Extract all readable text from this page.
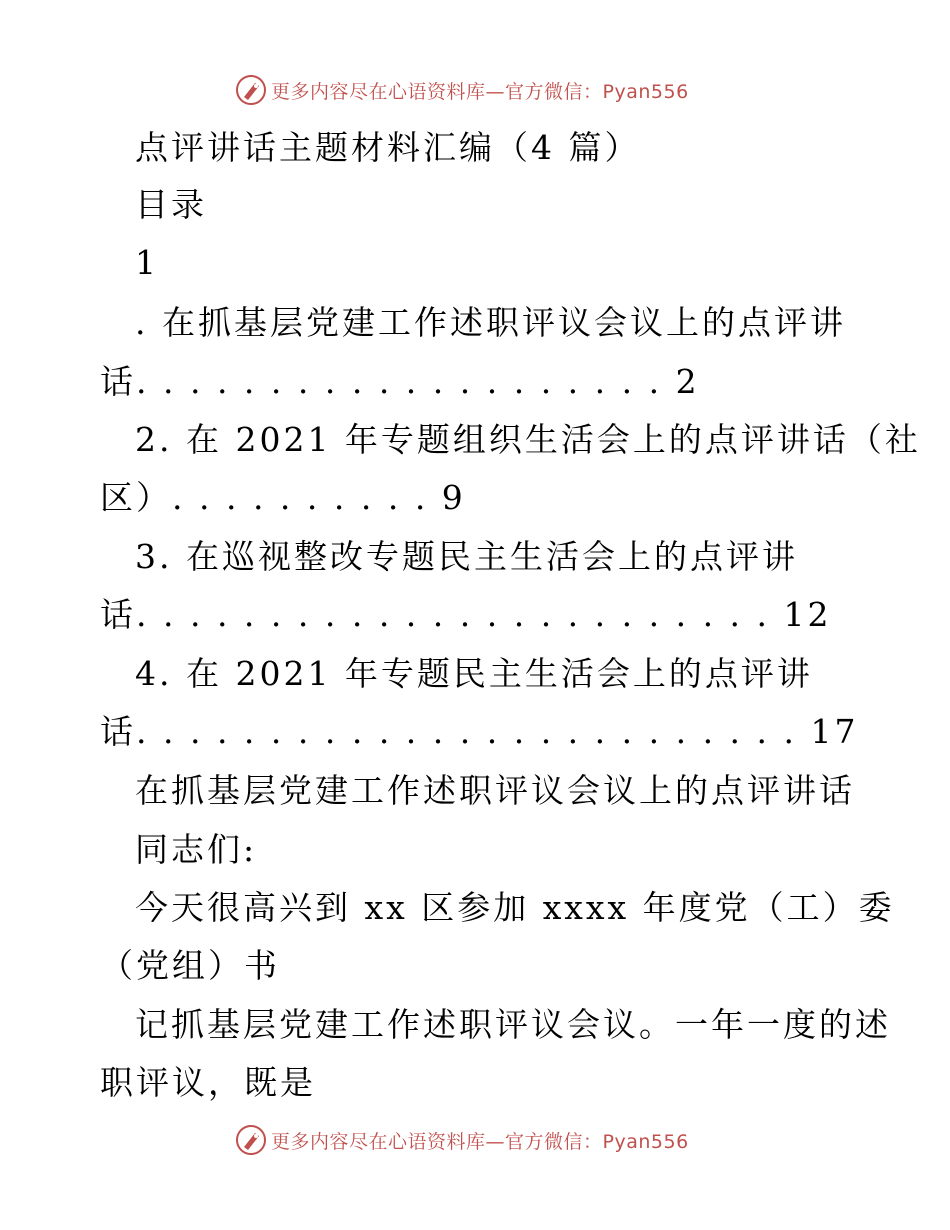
更多内容尽在心语资料库—官方微信：Pyan556
点评讲话主题材料汇编（4 篇）
目录
1
. 在抓基层党建工作述职评议会议上的点评讲
话. . . . . . . . . . . . . . . . . . . . 2
2. 在 2021 年专题组织生活会上的点评讲话（社
区）. . . . . . . . . . 9
3. 在巡视整改专题民主生活会上的点评讲
话. . . . . . . . . . . . . . . . . . . . . . . . 12
4. 在 2021 年专题民主生活会上的点评讲
话. . . . . . . . . . . . . . . . . . . . . . . . . 17
在抓基层党建工作述职评议会议上的点评讲话
同志们:
今天很高兴到 xx 区参加 xxxx 年度党（工）委
（党组）书
记抓基层党建工作述职评议会议。一年一度的述
职评议，既是
更多内容尽在心语资料库—官方微信：Pyan556
